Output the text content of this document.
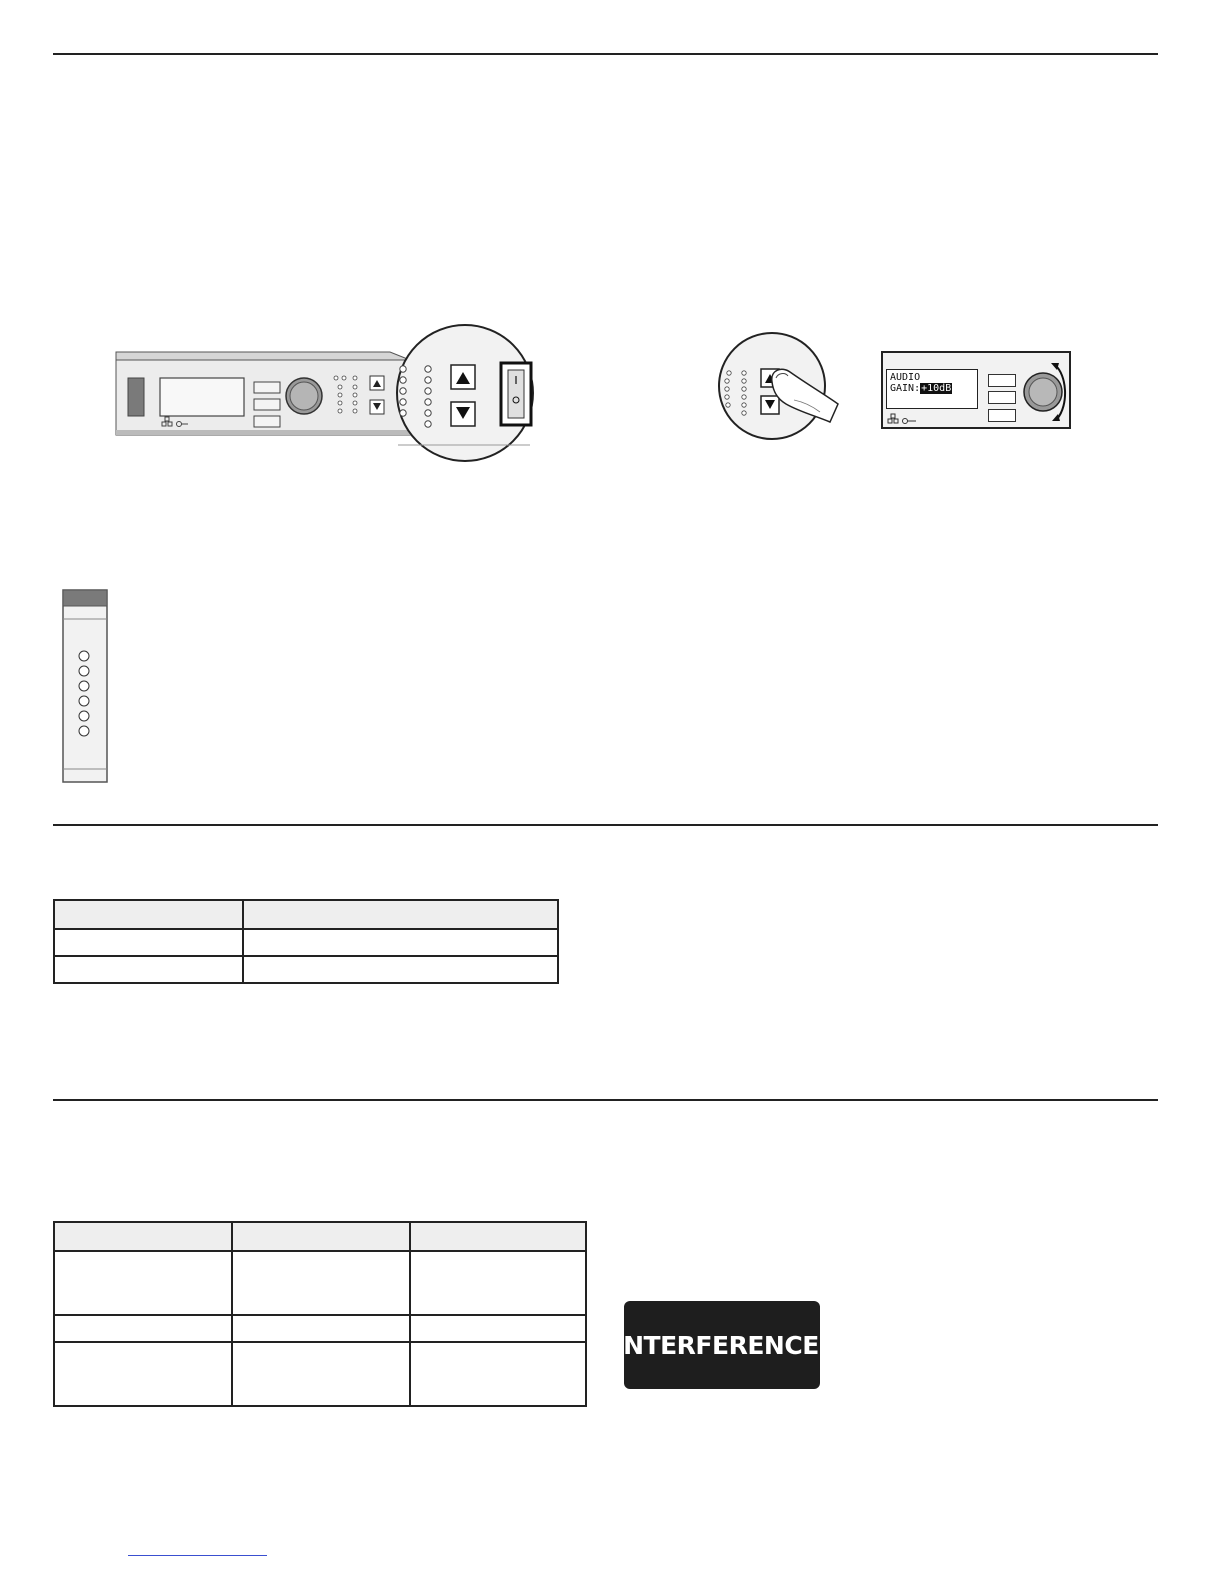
AUDIO
GAIN:+10dB

INTERFERENCE!
